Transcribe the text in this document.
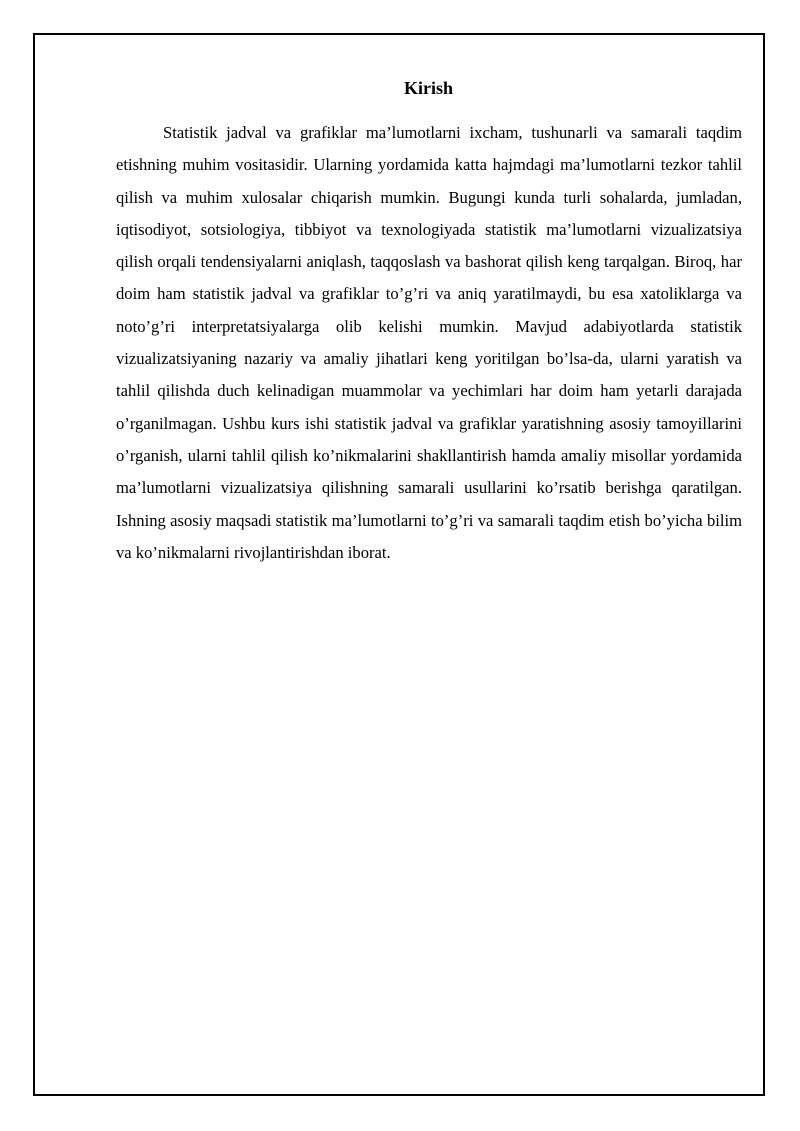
Kirish

Statistik jadval va grafiklar ma’lumotlarni ixcham, tushunarli va samarali taqdim etishning muhim vositasidir. Ularning yordamida katta hajmdagi ma’lumotlarni tezkor tahlil qilish va muhim xulosalar chiqarish mumkin. Bugungi kunda turli sohalarda, jumladan, iqtisodiyot, sotsiologiya, tibbiyot va texnologiyada statistik ma’lumotlarni vizualizatsiya qilish orqali tendensiyalarni aniqlash, taqqoslash va bashorat qilish keng tarqalgan. Biroq, har doim ham statistik jadval va grafiklar to’g’ri va aniq yaratilmaydi, bu esa xatoliklarga va noto’g’ri interpretatsiyalarga olib kelishi mumkin. Mavjud adabiyotlarda statistik vizualizatsiyaning nazariy va amaliy jihatlari keng yoritilgan bo’lsa-da, ularni yaratish va tahlil qilishda duch kelinadigan muammolar va yechimlari har doim ham yetarli darajada o’rganilmagan. Ushbu kurs ishi statistik jadval va grafiklar yaratishning asosiy tamoyillarini o’rganish, ularni tahlil qilish ko’nikmalarini shakllantirish hamda amaliy misollar yordamida ma’lumotlarni vizualizatsiya qilishning samarali usullarini ko’rsatib berishga qaratilgan. Ishning asosiy maqsadi statistik ma’lumotlarni to’g’ri va samarali taqdim etish bo’yicha bilim va ko’nikmalarni rivojlantirishdan iborat.
